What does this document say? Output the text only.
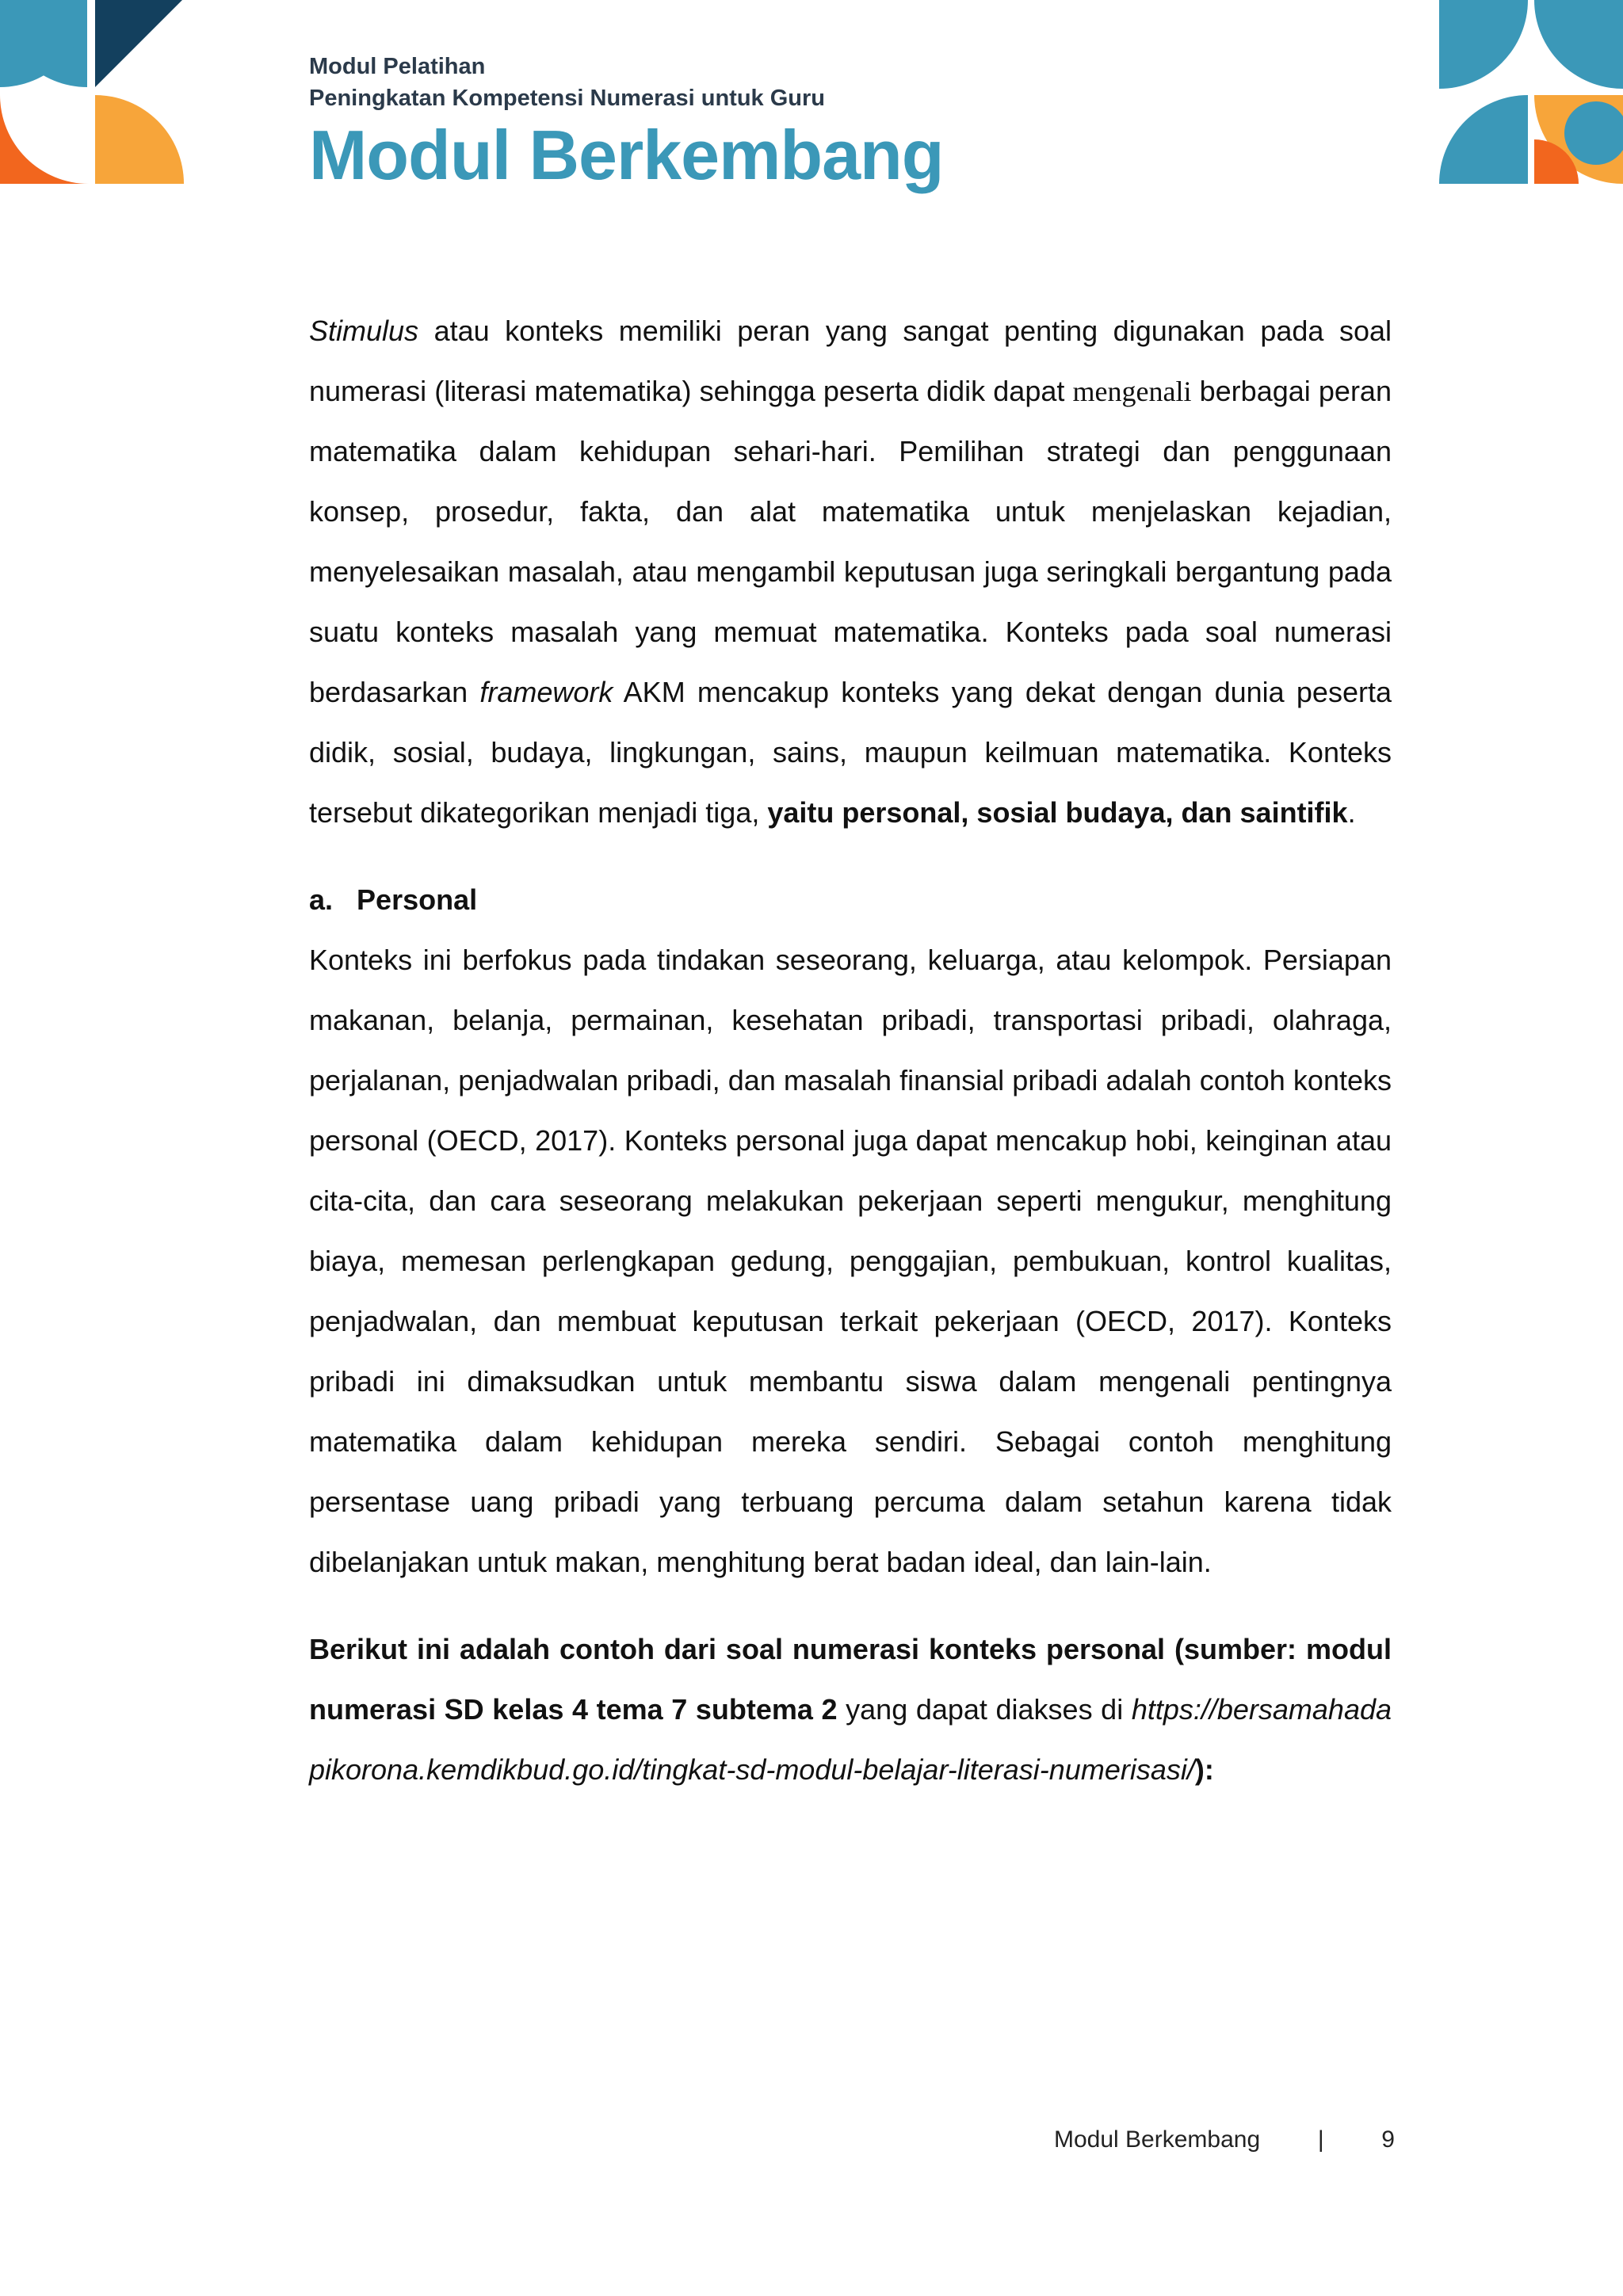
Modul Pelatihan
Peningkatan Kompetensi Numerasi untuk Guru
Modul Berkembang

Stimulus atau konteks memiliki peran yang sangat penting digunakan pada soal numerasi (literasi matematika) sehingga peserta didik dapat mengenali berbagai peran matematika dalam kehidupan sehari-hari. Pemilihan strategi dan penggunaan konsep, prosedur, fakta, dan alat matematika untuk menjelaskan kejadian, menyelesaikan masalah, atau mengambil keputusan juga seringkali bergantung pada suatu konteks masalah yang memuat matematika. Konteks pada soal numerasi berdasarkan framework AKM mencakup konteks yang dekat dengan dunia peserta didik, sosial, budaya, lingkungan, sains, maupun keilmuan matematika. Konteks tersebut dikategorikan menjadi tiga, yaitu personal, sosial budaya, dan saintifik.

a.   Personal

Konteks ini berfokus pada tindakan seseorang, keluarga, atau kelompok. Persiapan makanan, belanja, permainan, kesehatan pribadi, transportasi pribadi, olahraga, perjalanan, penjadwalan pribadi, dan masalah finansial pribadi adalah contoh konteks personal (OECD, 2017). Konteks personal juga dapat mencakup hobi, keinginan atau cita-cita, dan cara seseorang melakukan pekerjaan seperti mengukur, menghitung biaya, memesan perlengkapan gedung, penggajian, pembukuan, kontrol kualitas, penjadwalan, dan membuat keputusan terkait pekerjaan (OECD, 2017). Konteks pribadi ini dimaksudkan untuk membantu siswa dalam mengenali pentingnya matematika dalam kehidupan mereka sendiri. Sebagai contoh menghitung persentase uang pribadi yang terbuang percuma dalam setahun karena tidak dibelanjakan untuk makan, menghitung berat badan ideal, dan lain-lain.

Berikut ini adalah contoh dari soal numerasi konteks personal (sumber: modul numerasi SD kelas 4 tema 7 subtema 2 yang dapat diakses di https://bersamahadapikorona.kemdikbud.go.id/tingkat-sd-modul-belajar-literasi-numerisasi/):

Modul Berkembang | 9
